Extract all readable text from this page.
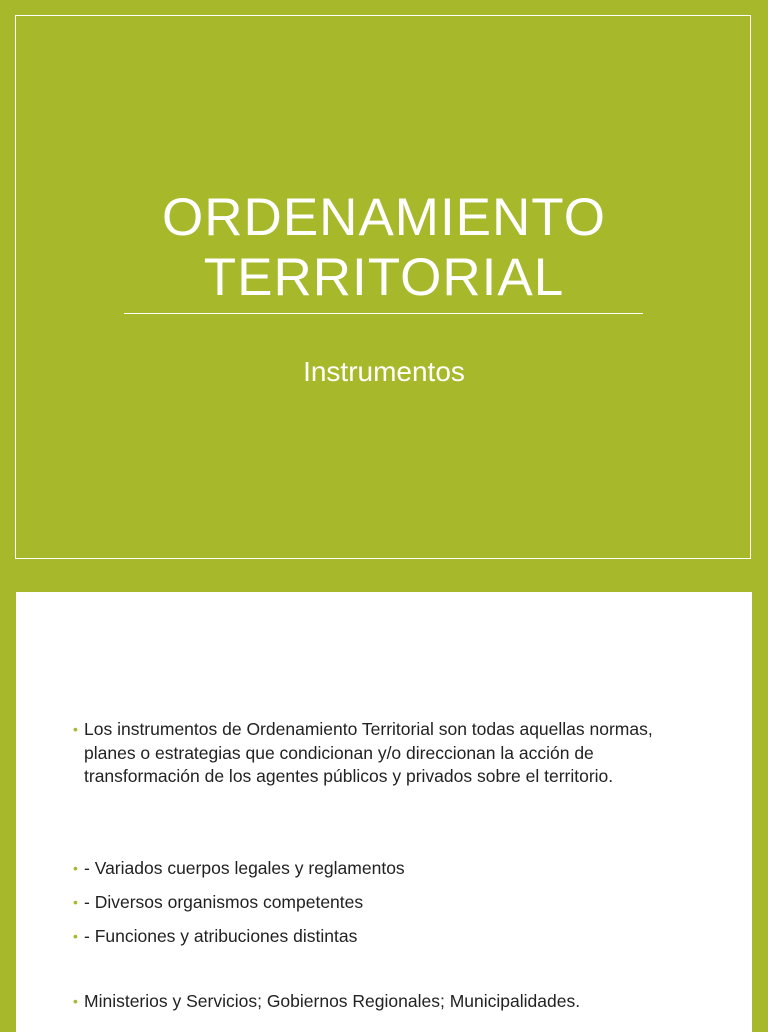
ORDENAMIENTO
TERRITORIAL
Instrumentos
• Los instrumentos de Ordenamiento Territorial son todas aquellas normas, planes o estrategias que condicionan y/o direccionan la acción de transformación de los agentes públicos y privados sobre el territorio.
• - Variados cuerpos legales y reglamentos
• - Diversos organismos competentes
• - Funciones y atribuciones distintas
• Ministerios y Servicios; Gobiernos Regionales; Municipalidades.
